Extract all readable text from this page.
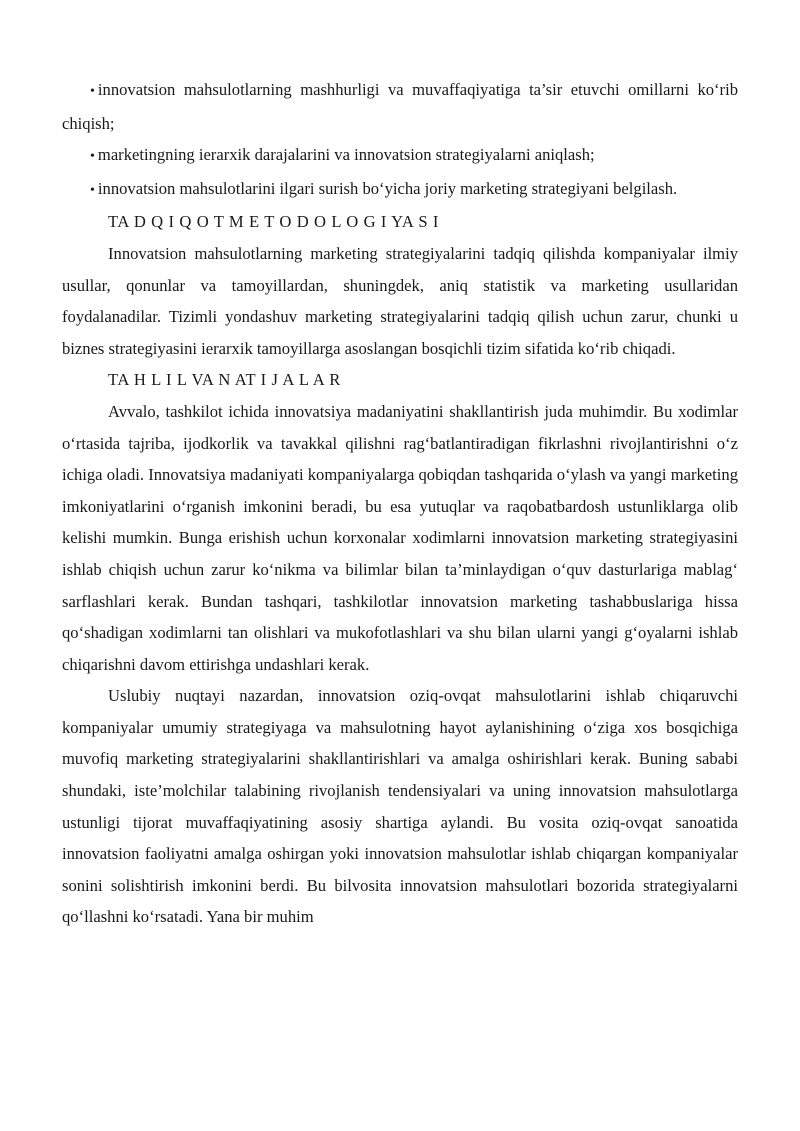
• innovatsion mahsulotlarning mashhurligi va muvaffaqiyatiga ta’sir etuvchi omillarni ko‘rib chiqish;

• marketingning ierarxik darajalarini va innovatsion strategiyalarni aniqlash;

• innovatsion mahsulotlarini ilgari surish bo‘yicha joriy marketing strategiyani belgilash.

TA D Q I Q O T M E T O D O L O G I YA S I

Innovatsion mahsulotlarning marketing strategiyalarini tadqiq qilishda kompaniyalar ilmiy usullar, qonunlar va tamoyillardan, shuningdek, aniq statistik va marketing usullaridan foydalanadilar. Tizimli yondashuv marketing strategiyalarini tadqiq qilish uchun zarur, chunki u biznes strategiyasini ierarxik tamoyillarga asoslangan bosqichli tizim sifatida ko‘rib chiqadi.

TA H L I L VA N AT I J A L A R

Avvalo, tashkilot ichida innovatsiya madaniyatini shakllantirish juda muhimdir. Bu xodimlar o‘rtasida tajriba, ijodkorlik va tavakkal qilishni rag‘batlantiradigan fikrlashni rivojlantirishni o‘z ichiga oladi. Innovatsiya madaniyati kompaniyalarga qobiqdan tashqarida o‘ylash va yangi marketing imkoniyatlarini o‘rganish imkonini beradi, bu esa yutuqlar va raqobatbardosh ustunliklarga olib kelishi mumkin. Bunga erishish uchun korxonalar xodimlarni innovatsion marketing strategiyasini ishlab chiqish uchun zarur ko‘nikma va bilimlar bilan ta’minlaydigan o‘quv dasturlariga mablag‘ sarflashlari kerak. Bundan tashqari, tashkilotlar innovatsion marketing tashabbuslariga hissa qo‘shadigan xodimlarni tan olishlari va mukofotlashlari va shu bilan ularni yangi g‘oyalarni ishlab chiqarishni davom ettirishga undashlari kerak.

Uslubiy nuqtayi nazardan, innovatsion oziq-ovqat mahsulotlarini ishlab chiqaruvchi kompaniyalar umumiy strategiyaga va mahsulotning hayot aylanishining o‘ziga xos bosqichiga muvofiq marketing strategiyalarini shakllantirishlari va amalga oshirishlari kerak. Buning sababi shundaki, iste’molchilar talabining rivojlanish tendensiyalari va uning innovatsion mahsulotlarga ustunligi tijorat muvaffaqiyatining asosiy shartiga aylandi. Bu vosita oziq-ovqat sanoatida innovatsion faoliyatni amalga oshirgan yoki innovatsion mahsulotlar ishlab chiqargan kompaniyalar sonini solishtirish imkonini berdi. Bu bilvosita innovatsion mahsulotlari bozorida strategiyalarni qo‘llashni ko‘rsatadi. Yana bir muhim
